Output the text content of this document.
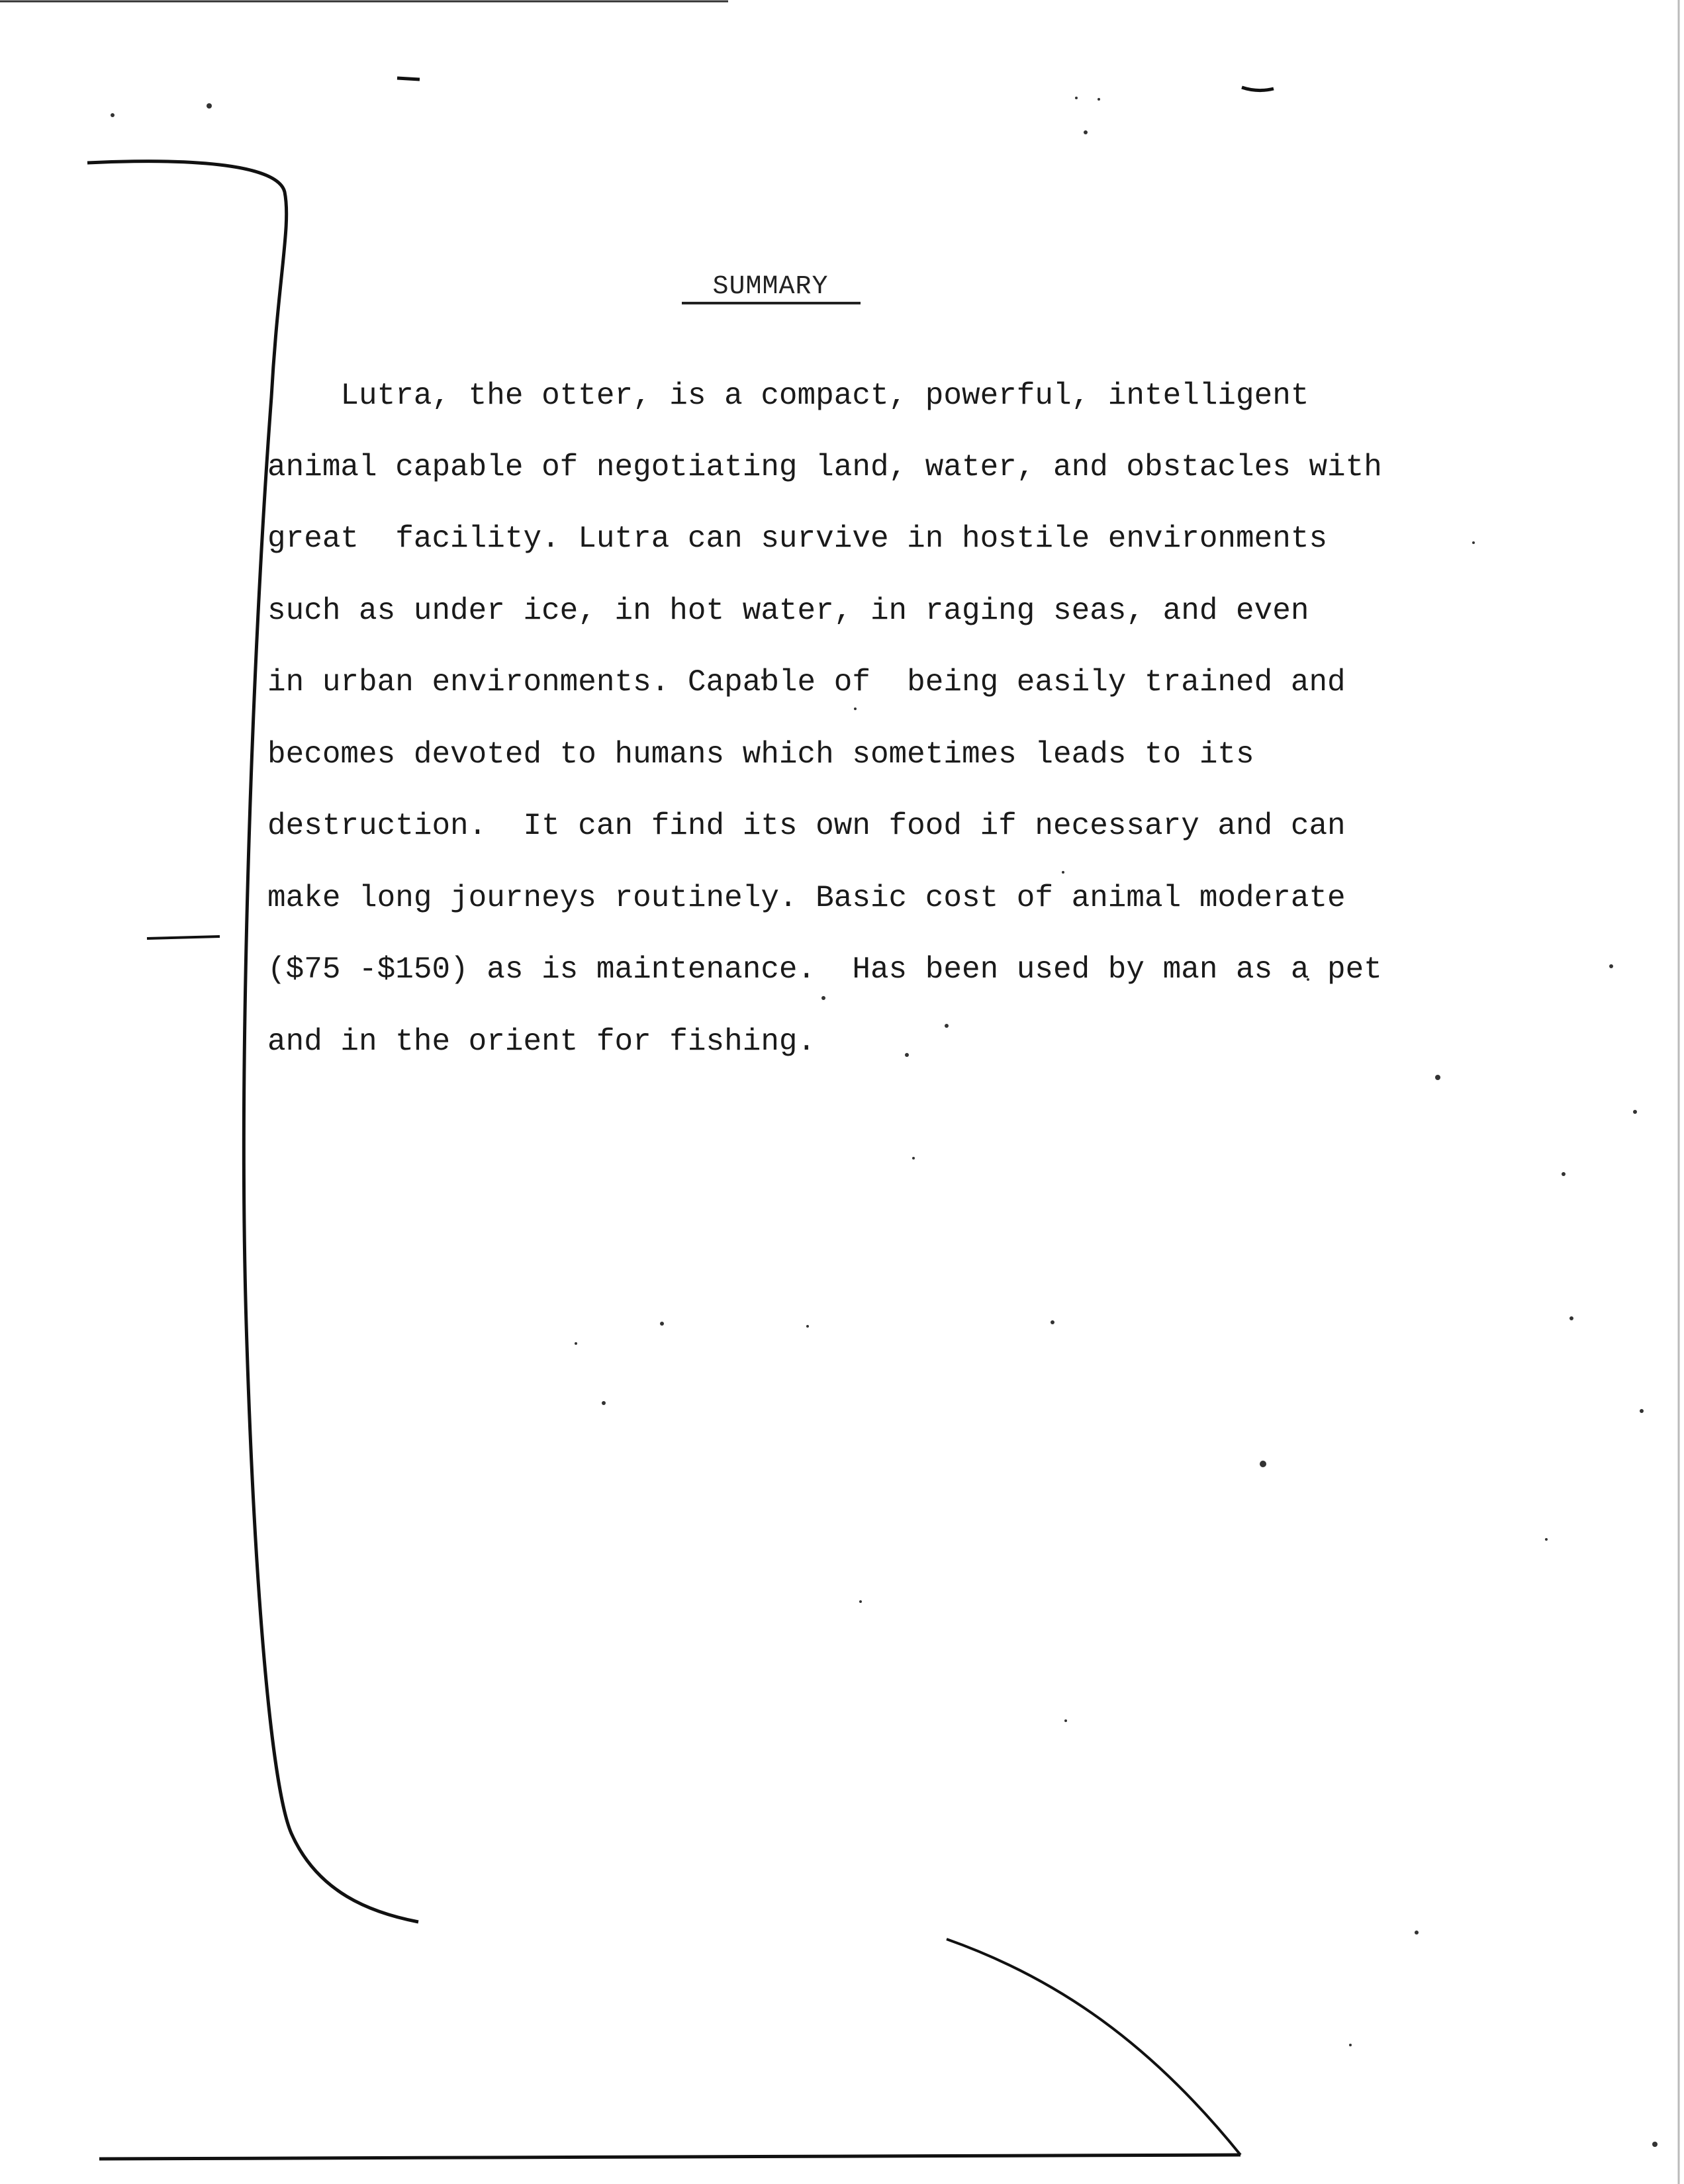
SUMMARY
Lutra, the otter, is a compact, powerful, intelligent
animal capable of negotiating land, water, and obstacles with
great  facility. Lutra can survive in hostile environments
such as under ice, in hot water, in raging seas, and even
in urban environments. Capable of  being easily trained and
becomes devoted to humans which sometimes leads to its
destruction.  It can find its own food if necessary and can
make long journeys routinely. Basic cost of animal moderate
($75 -$150) as is maintenance.  Has been used by man as a pet
and in the orient for fishing.
